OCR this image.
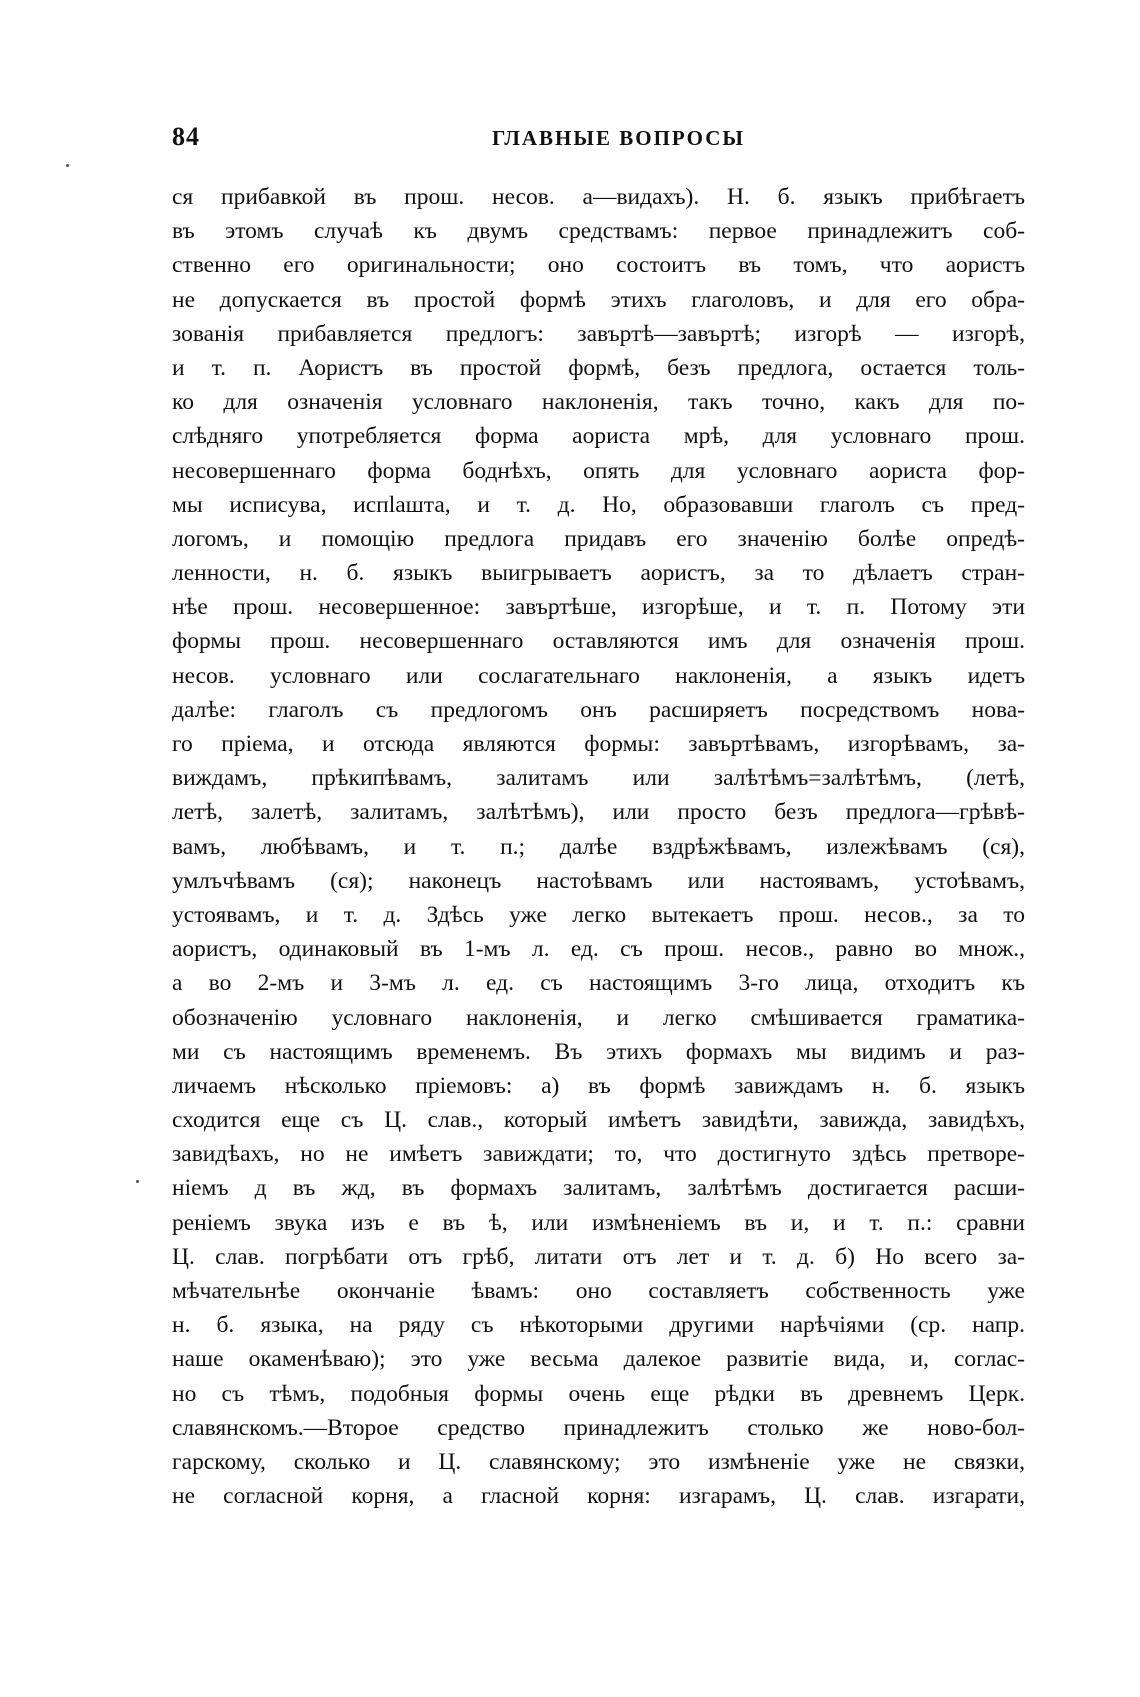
84	ГЛАВНЫЕ ВОПРОСЫ
ся прибавкой въ прош. несов. а—видахъ). Н. б. языкъ прибѣгаетъ
въ этомъ случаѣ къ двумъ средствамъ: первое принадлежитъ соб-
ственно его оригинальности; оно состоитъ въ томъ, что аористъ
не допускается въ простой формѣ этихъ глаголовъ, и для его обра-
зованія прибавляется предлогъ: завъртѣ—завъртѣ; изгорѣ — изгорѣ,
и т. п. Аористъ въ простой формѣ, безъ предлога, остается толь-
ко для означенія условнаго наклоненія, такъ точно, какъ для по-
слѣдняго употребляется форма аориста мрѣ, для условнаго прош.
несовершеннаго форма боднѣхъ, опять для условнаго аориста фор-
мы исписува, испlaшта, и т. д. Но, образовавши глаголъ съ пред-
логомъ, и помощію предлога придавъ его значенію болѣе опредѣ-
ленности, н. б. языкъ выигрываетъ аористъ, за то дѣлаетъ стран-
нѣе прош. несовершенное: завъртѣше, изгорѣше, и т. п. Потому эти
формы прош. несовершеннаго оставляются имъ для означенія прош.
несов. условнаго или сослагательнаго наклоненія, а языкъ идетъ
далѣе: глаголъ съ предлогомъ онъ расширяетъ посредствомъ нова-
го пріема, и отсюда являются формы: завъртѣвамъ, изгорѣвамъ, за-
виждамъ, прѣкипѣвамъ, залитамъ или залѣтѣмъ=залѣтѣмъ, (летѣ,
летѣ, залетѣ, залитамъ, залѣтѣмъ), или просто безъ предлога—грѣвѣ-
вамъ, любѣвамъ, и т. п.; далѣе вздрѣжѣвамъ, излежѣвамъ (ся),
умлъчѣвамъ (ся); наконецъ настоѣвамъ или настоявамъ, устоѣвамъ,
устоявамъ, и т. д. Здѣсь уже легко вытекаетъ прош. несов., за то
аористъ, одинаковый въ 1-мъ л. ед. съ прош. несов., равно во множ.,
а во 2-мъ и 3-мъ л. ед. съ настоящимъ 3-го лица, отходитъ къ
обозначенію условнаго наклоненія, и легко смѣшивается граматика-
ми съ настоящимъ временемъ. Въ этихъ формахъ мы видимъ и раз-
личаемъ нѣсколько пріемовъ: а) въ формѣ завиждамъ н. б. языкъ
сходится еще съ Ц. слав., который имѣетъ завидѣти, завижда, завидѣхъ,
завидѣахъ, но не имѣетъ завиждати; то, что достигнуто здѣсь претворе-
ніемъ д въ жд, въ формахъ залитамъ, залѣтѣмъ достигается расши-
реніемъ звука изъ е въ ѣ, или измѣненіемъ въ и, и т. п.: сравни
Ц. слав. погрѣбати отъ грѣб, литати отъ лет и т. д. б) Но всего за-
мѣчательнѣе окончаніе ѣвамъ: оно составляетъ собственность уже
н. б. языка, на ряду съ нѣкоторыми другими нарѣчіями (ср. напр.
наше окаменѣваю); это уже весьма далекое развитіе вида, и, соглас-
но съ тѣмъ, подобныя формы очень еще рѣдки въ древнемъ Церк.
славянскомъ.—Второе средство принадлежитъ столько же ново-бол-
гарскому, сколько и Ц. славянскому; это измѣненіе уже не связки,
не согласной корня, а гласной корня: изгарамъ, Ц. слав. изгарати,
